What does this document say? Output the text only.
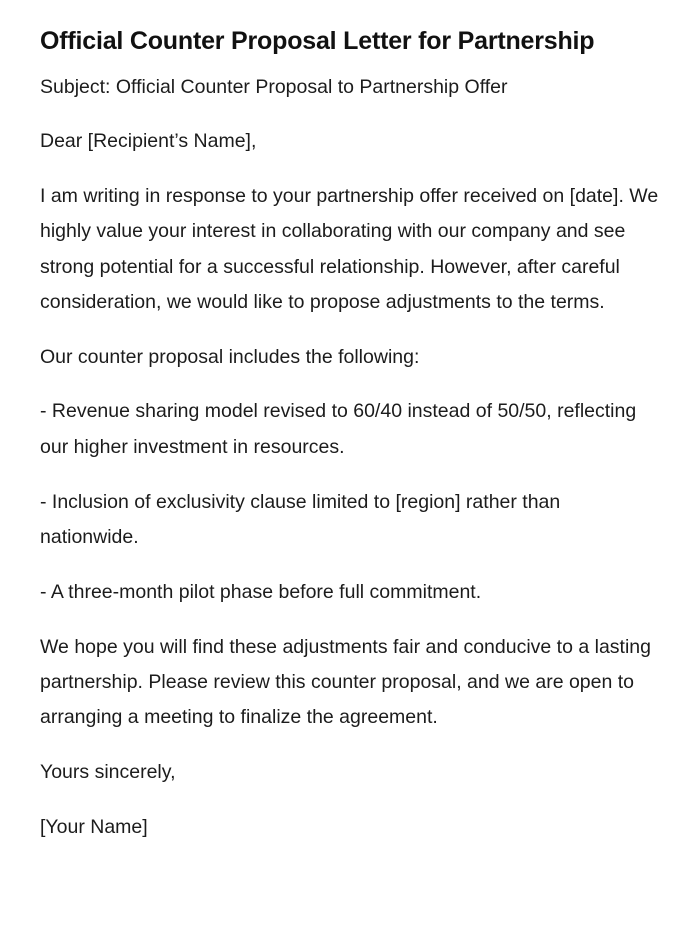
Official Counter Proposal Letter for Partnership

Subject: Official Counter Proposal to Partnership Offer

Dear [Recipient’s Name],

I am writing in response to your partnership offer received on [date]. We highly value your interest in collaborating with our company and see strong potential for a successful relationship. However, after careful consideration, we would like to propose adjustments to the terms.

Our counter proposal includes the following:

- Revenue sharing model revised to 60/40 instead of 50/50, reflecting our higher investment in resources.

- Inclusion of exclusivity clause limited to [region] rather than nationwide.

- A three-month pilot phase before full commitment.

We hope you will find these adjustments fair and conducive to a lasting partnership. Please review this counter proposal, and we are open to arranging a meeting to finalize the agreement.

Yours sincerely,

[Your Name]
